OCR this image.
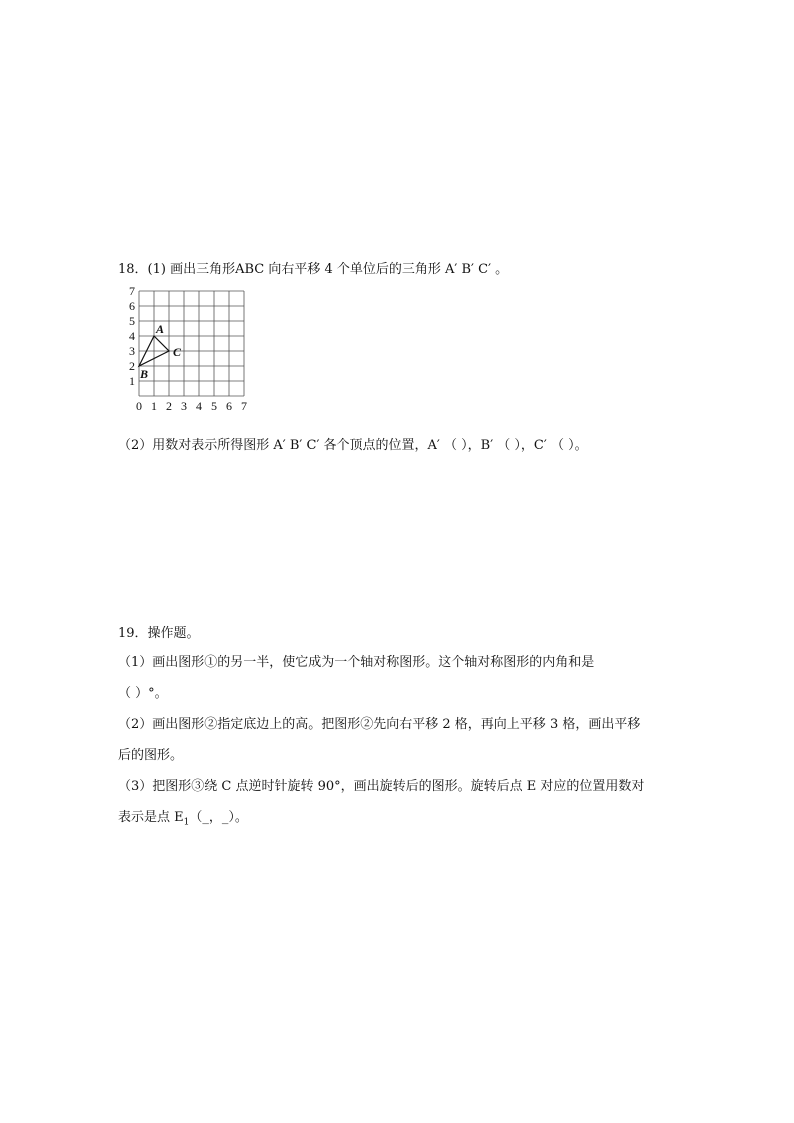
18．(1) 画出三角形ABC 向右平移 4 个单位后的三角形 A′ B′ C′ 。
0 1 2 3 4 5 6 7
1
2
3
4
5
6
7
A
B
C
（2）用数对表示所得图形 A′ B′ C′ 各个顶点的位置，A′ （ ），B′ （ ），C′ （ ）。
19．操作题。
（1）画出图形①的另一半，使它成为一个轴对称图形。这个轴对称图形的内角和是
（ ）°。
（2）画出图形②指定底边上的高。把图形②先向右平移 2 格，再向上平移 3 格，画出平移
后的图形。
（3）把图形③绕 C 点逆时针旋转 90°，画出旋转后的图形。旋转后点 E 对应的位置用数对
表示是点 $E_1(\_$，_）。
